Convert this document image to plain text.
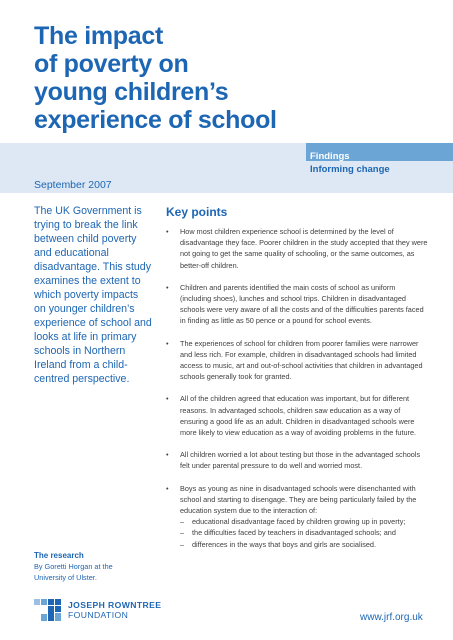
The impact
of poverty on
young children’s
experience of school
Findings
Informing change
September 2007

The UK Government is trying to break the link between child poverty and educational disadvantage. This study examines the extent to which poverty impacts on younger children’s experience of school and looks at life in primary schools in Northern Ireland from a child-centred perspective.

Key points
• How most children experience school is determined by the level of disadvantage they face. Poorer children in the study accepted that they were not going to get the same quality of schooling, or the same outcomes, as better-off children.
• Children and parents identified the main costs of school as uniform (including shoes), lunches and school trips. Children in disadvantaged schools were very aware of all the costs and of the difficulties parents faced in finding as little as 50 pence or a pound for school events.
• The experiences of school for children from poorer families were narrower and less rich. For example, children in disadvantaged schools had limited access to music, art and out-of-school activities that children in advantaged schools generally took for granted.
• All of the children agreed that education was important, but for different reasons. In advantaged schools, children saw education as a way of ensuring a good life as an adult. Children in disadvantaged schools were more likely to view education as a way of avoiding problems in the future.
• All children worried a lot about testing but those in the advantaged schools felt under parental pressure to do well and worried most.
• Boys as young as nine in disadvantaged schools were disenchanted with school and starting to disengage. They are being particularly failed by the education system due to the interaction of:
– educational disadvantage faced by children growing up in poverty;
– the difficulties faced by teachers in disadvantaged schools; and
– differences in the ways that boys and girls are socialised.
The research

By Goretti Horgan at the University of Ulster.

JOSEPH ROWNTREE
FOUNDATION	www.jrf.org.uk
